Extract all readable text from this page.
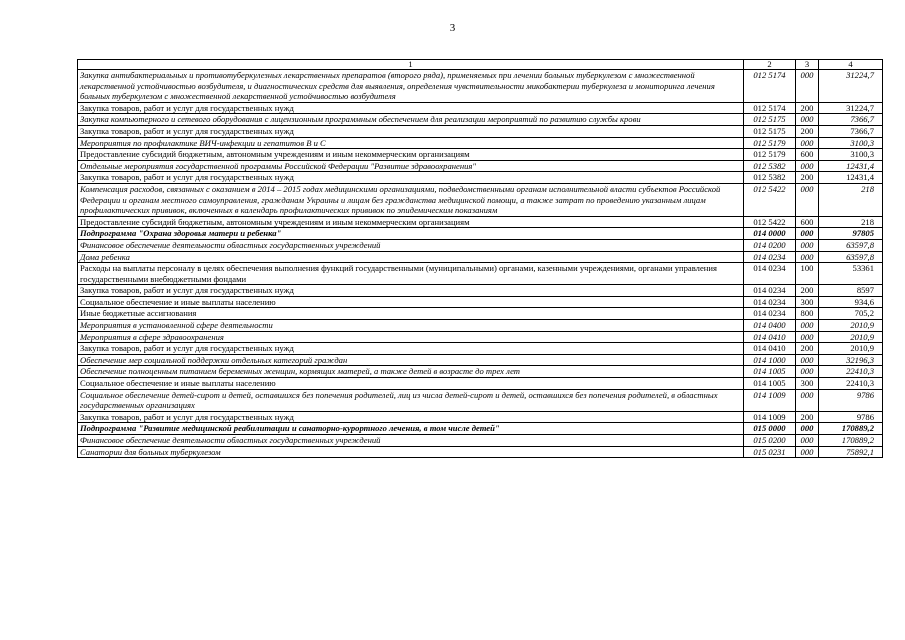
3
1	2	3	4
Закупка антибактериальных и противотуберкулезных лекарственных препаратов (второго ряда), применяемых при лечении больных туберкулезом с множественной лекарственной устойчивостью возбудителя, и диагностических средств для выявления, определения чувствительности микобактерии туберкулеза и мониторинга лечения больных туберкулезом с множественной лекарственной устойчивостью возбудителя	012 5174	000	31224,7
Закупка товаров, работ и услуг для государственных нужд	012 5174	200	31224,7
Закупка компьютерного и сетевого оборудования с лицензионным программным обеспечением для реализации мероприятий по развитию службы крови	012 5175	000	7366,7
Закупка товаров, работ и услуг для государственных нужд	012 5175	200	7366,7
Мероприятия по профилактике ВИЧ-инфекции и гепатитов В и С	012 5179	000	3100,3
Предоставление субсидий бюджетным, автономным учреждениям и иным некоммерческим организациям	012 5179	600	3100,3
Отдельные мероприятия государственной программы Российской Федерации "Развитие здравоохранения"	012 5382	000	12431,4
Закупка товаров, работ и услуг для государственных нужд	012 5382	200	12431,4
Компенсация расходов, связанных с оказанием в 2014 – 2015 годах медицинскими организациями, подведомственными органам исполнительной власти субъектов Российской Федерации и органам местного самоуправления, гражданам Украины и лицам без гражданства медицинской помощи, а также затрат по проведению указанным лицам профилактических прививок, включенных в календарь профилактических прививок по эпидемическим показаниям	012 5422	000	218
Предоставление субсидий бюджетным, автономным учреждениям и иным некоммерческим организациям	012 5422	600	218
Подпрограмма "Охрана здоровья матери и ребенка"	014 0000	000	97805
Финансовое обеспечение деятельности областных государственных учреждений	014 0200	000	63597,8
Дома ребенка	014 0234	000	63597,8
Расходы на выплаты персоналу в целях обеспечения выполнения функций государственными (муниципальными) органами, казенными учреждениями, органами управления государственными внебюджетными фондами	014 0234	100	53361
Закупка товаров, работ и услуг для государственных нужд	014 0234	200	8597
Социальное обеспечение и иные выплаты населению	014 0234	300	934,6
Иные бюджетные ассигнования	014 0234	800	705,2
Мероприятия в установленной сфере деятельности	014 0400	000	2010,9
Мероприятия в сфере здравоохранения	014 0410	000	2010,9
Закупка товаров, работ и услуг для государственных нужд	014 0410	200	2010,9
Обеспечение мер социальной поддержки отдельных категорий граждан	014 1000	000	32196,3
Обеспечение полноценным питанием беременных женщин, кормящих матерей, а также детей в возрасте до трех лет	014 1005	000	22410,3
Социальное обеспечение и иные выплаты населению	014 1005	300	22410,3
Социальное обеспечение детей-сирот и детей, оставшихся без попечения родителей, лиц из числа детей-сирот и детей, оставшихся без попечения родителей, в областных государственных организациях	014 1009	000	9786
Закупка товаров, работ и услуг для государственных нужд	014 1009	200	9786
Подпрограмма "Развитие медицинской реабилитации и санаторно-курортного лечения, в том числе детей"	015 0000	000	170889,2
Финансовое обеспечение деятельности областных государственных учреждений	015 0200	000	170889,2
Санатории для больных туберкулезом	015 0231	000	75892,1
